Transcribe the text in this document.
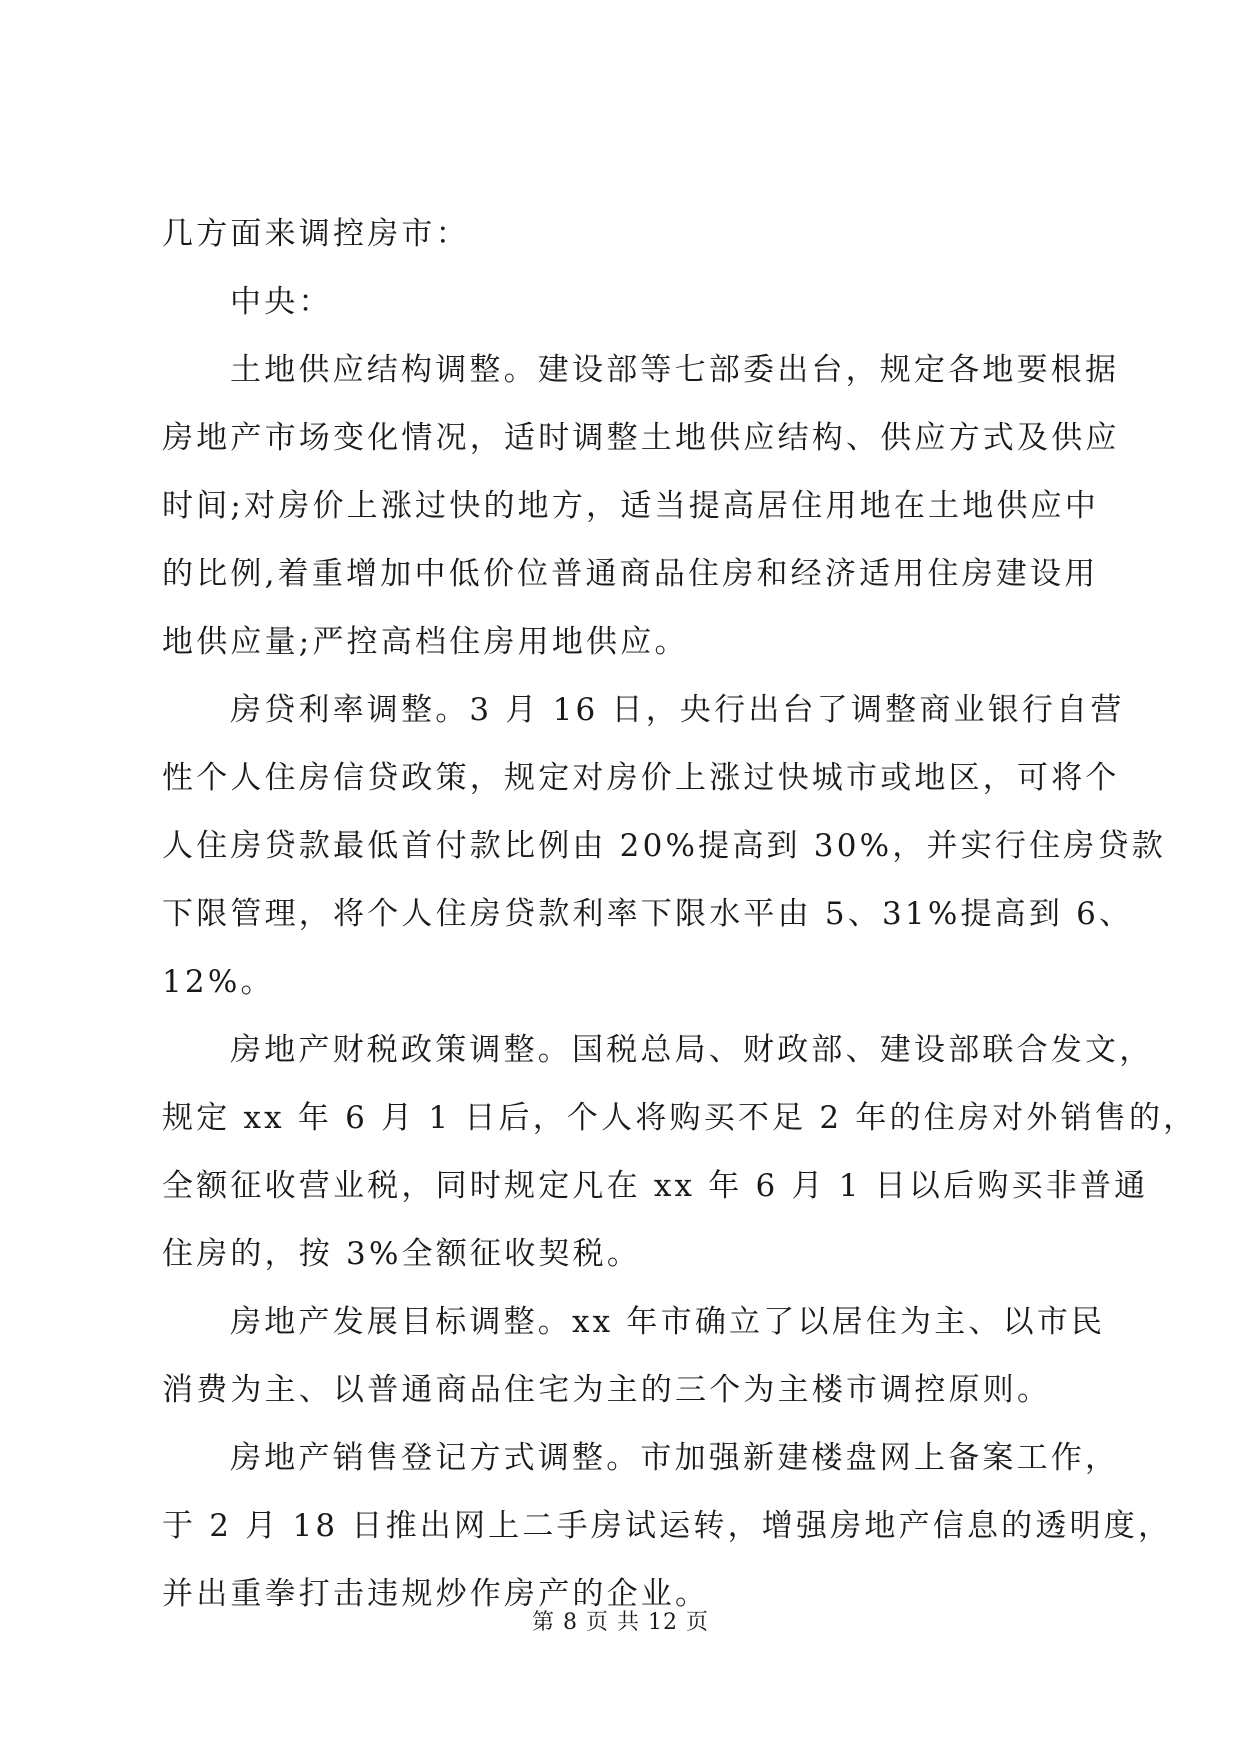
几方面来调控房市：
中央：
土地供应结构调整。建设部等七部委出台，规定各地要根据
房地产市场变化情况，适时调整土地供应结构、供应方式及供应
时间;对房价上涨过快的地方，适当提高居住用地在土地供应中
的比例,着重增加中低价位普通商品住房和经济适用住房建设用
地供应量;严控高档住房用地供应。
房贷利率调整。3 月 16 日，央行出台了调整商业银行自营
性个人住房信贷政策，规定对房价上涨过快城市或地区，可将个
人住房贷款最低首付款比例由 20%提高到 30%，并实行住房贷款
下限管理，将个人住房贷款利率下限水平由 5、31%提高到 6、
12%。
房地产财税政策调整。国税总局、财政部、建设部联合发文，
规定 xx 年 6 月 1 日后，个人将购买不足 2 年的住房对外销售的，
全额征收营业税，同时规定凡在 xx 年 6 月 1 日以后购买非普通
住房的，按 3%全额征收契税。
房地产发展目标调整。xx 年市确立了以居住为主、以市民
消费为主、以普通商品住宅为主的三个为主楼市调控原则。
房地产销售登记方式调整。市加强新建楼盘网上备案工作，
于 2 月 18 日推出网上二手房试运转，增强房地产信息的透明度，
并出重拳打击违规炒作房产的企业。
第 8 页 共 12 页
